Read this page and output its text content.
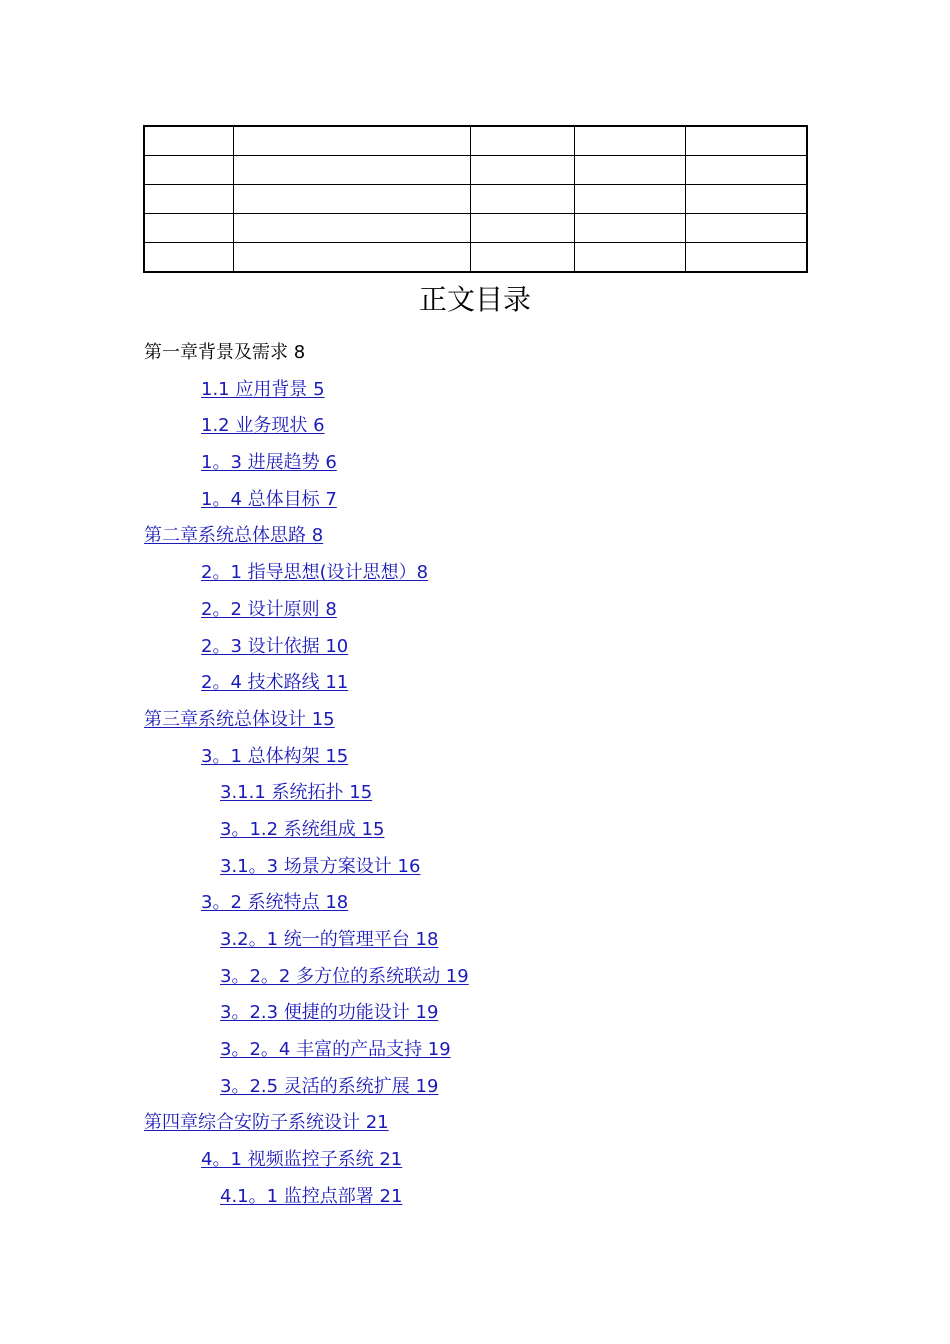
正文目录
第一章背景及需求 8
1.1 应用背景 5
1.2 业务现状 6
1。3 进展趋势 6
1。4 总体目标 7
第二章系统总体思路 8
2。1 指导思想(设计思想）8
2。2 设计原则 8
2。3 设计依据 10
2。4 技术路线 11
第三章系统总体设计 15
3。1 总体构架 15
3.1.1 系统拓扑 15
3。1.2 系统组成 15
3.1。3 场景方案设计 16
3。2 系统特点 18
3.2。1 统一的管理平台 18
3。2。2 多方位的系统联动 19
3。2.3 便捷的功能设计 19
3。2。4 丰富的产品支持 19
3。2.5 灵活的系统扩展 19
第四章综合安防子系统设计 21
4。1 视频监控子系统 21
4.1。1 监控点部署 21
